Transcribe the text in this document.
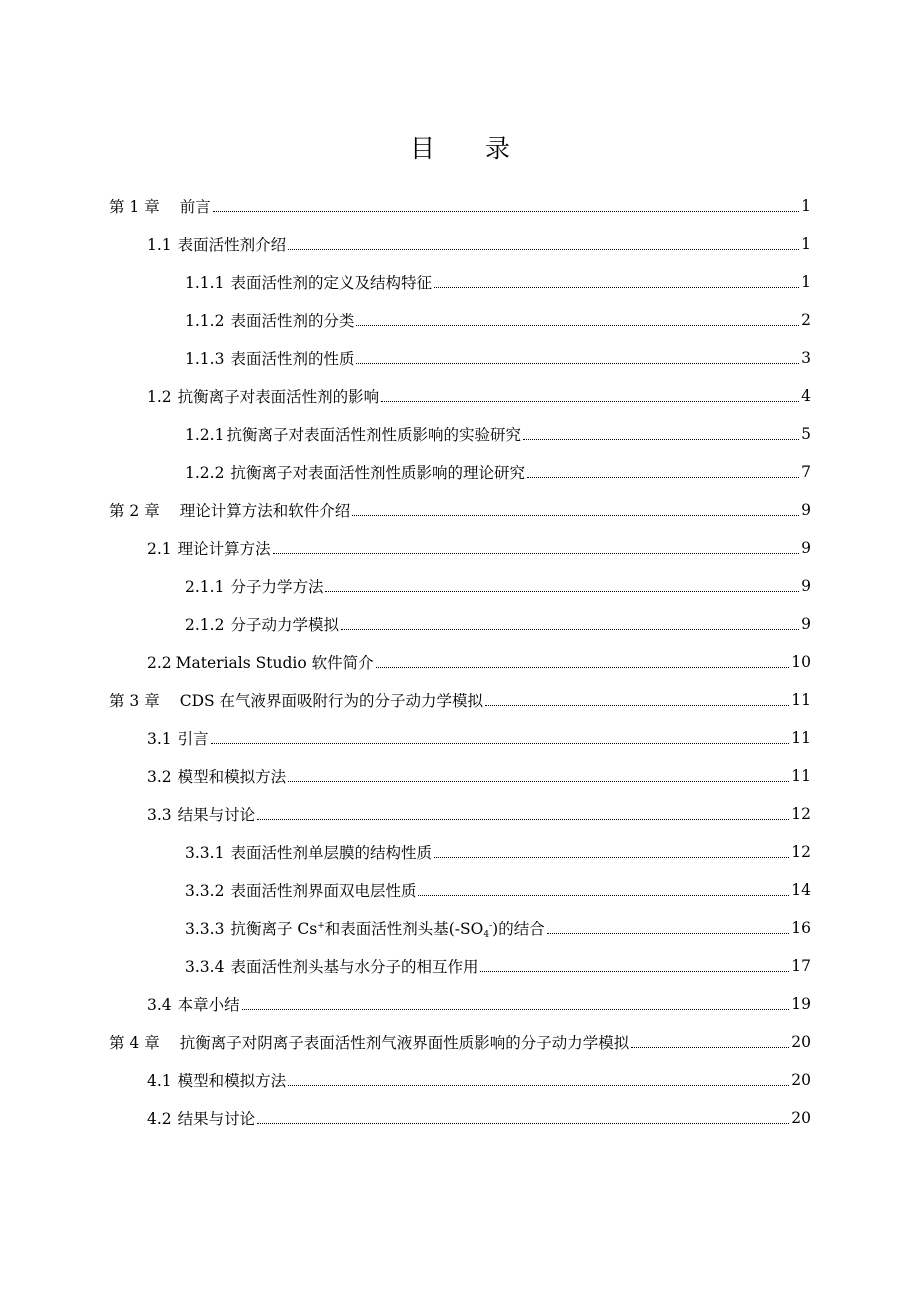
目 录
第 1 章 前言	1
1.1 表面活性剂介绍	1
1.1.1 表面活性剂的定义及结构特征	1
1.1.2 表面活性剂的分类	2
1.1.3 表面活性剂的性质	3
1.2 抗衡离子对表面活性剂的影响	4
1.2.1 抗衡离子对表面活性剂性质影响的实验研究	5
1.2.2 抗衡离子对表面活性剂性质影响的理论研究	7
第 2 章 理论计算方法和软件介绍	9
2.1 理论计算方法	9
2.1.1 分子力学方法	9
2.1.2 分子动力学模拟	9
2.2 Materials Studio 软件简介	10
第 3 章 CDS 在气液界面吸附行为的分子动力学模拟	11
3.1 引言	11
3.2 模型和模拟方法	11
3.3 结果与讨论	12
3.3.1 表面活性剂单层膜的结构性质	12
3.3.2 表面活性剂界面双电层性质	14
3.3.3 抗衡离子 Cs+和表面活性剂头基$(-SO_4^-)$的结合	16
3.3.4 表面活性剂头基与水分子的相互作用	17
3.4 本章小结	19
第 4 章 抗衡离子对阴离子表面活性剂气液界面性质影响的分子动力学模拟	20
4.1 模型和模拟方法	20
4.2 结果与讨论	20
